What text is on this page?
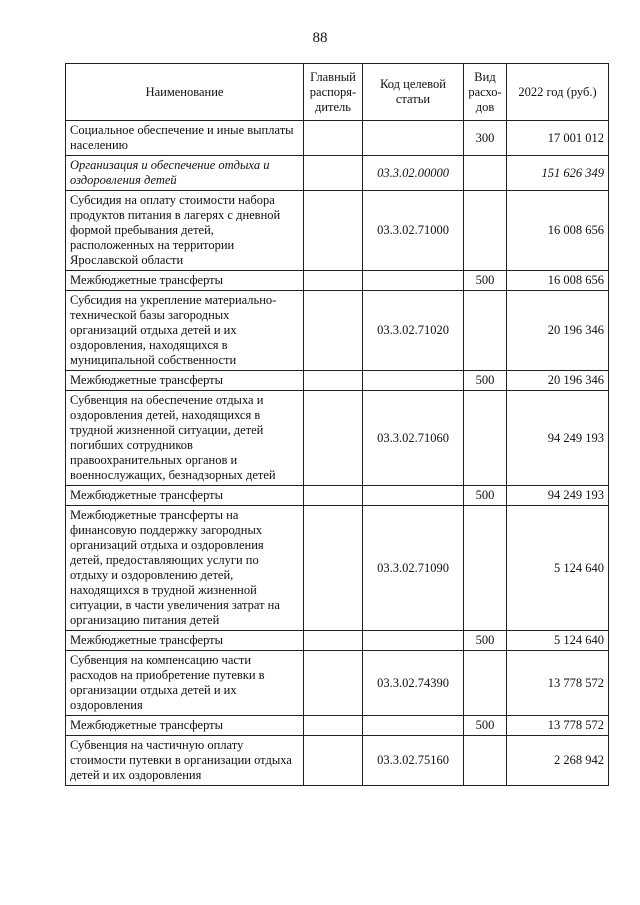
88
Наименование	Главный распоря-дитель	Код целевой статьи	Вид расхо-дов	2022 год (руб.)
Социальное обеспечение и иные выплаты населению			300	17 001 012
Организация и обеспечение отдыха и оздоровления детей		03.3.02.00000		151 626 349
Субсидия на оплату стоимости набора продуктов питания в лагерях с дневной формой пребывания детей, расположенных на территории Ярославской области		03.3.02.71000		16 008 656
Межбюджетные трансферты			500	16 008 656
Субсидия на укрепление материально-технической базы загородных организаций отдыха детей и их оздоровления, находящихся в муниципальной собственности		03.3.02.71020		20 196 346
Межбюджетные трансферты			500	20 196 346
Субвенция на обеспечение отдыха и оздоровления детей, находящихся в трудной жизненной ситуации, детей погибших сотрудников правоохранительных органов и военнослужащих, безнадзорных детей		03.3.02.71060		94 249 193
Межбюджетные трансферты			500	94 249 193
Межбюджетные трансферты на финансовую поддержку загородных организаций отдыха и оздоровления детей, предоставляющих услуги по отдыху и оздоровлению детей, находящихся в трудной жизненной ситуации, в части увеличения затрат на организацию питания детей		03.3.02.71090		5 124 640
Межбюджетные трансферты			500	5 124 640
Субвенция на компенсацию части расходов на приобретение путевки в организации отдыха детей и их оздоровления		03.3.02.74390		13 778 572
Межбюджетные трансферты			500	13 778 572
Субвенция на частичную оплату стоимости путевки в организации отдыха детей и их оздоровления		03.3.02.75160		2 268 942
